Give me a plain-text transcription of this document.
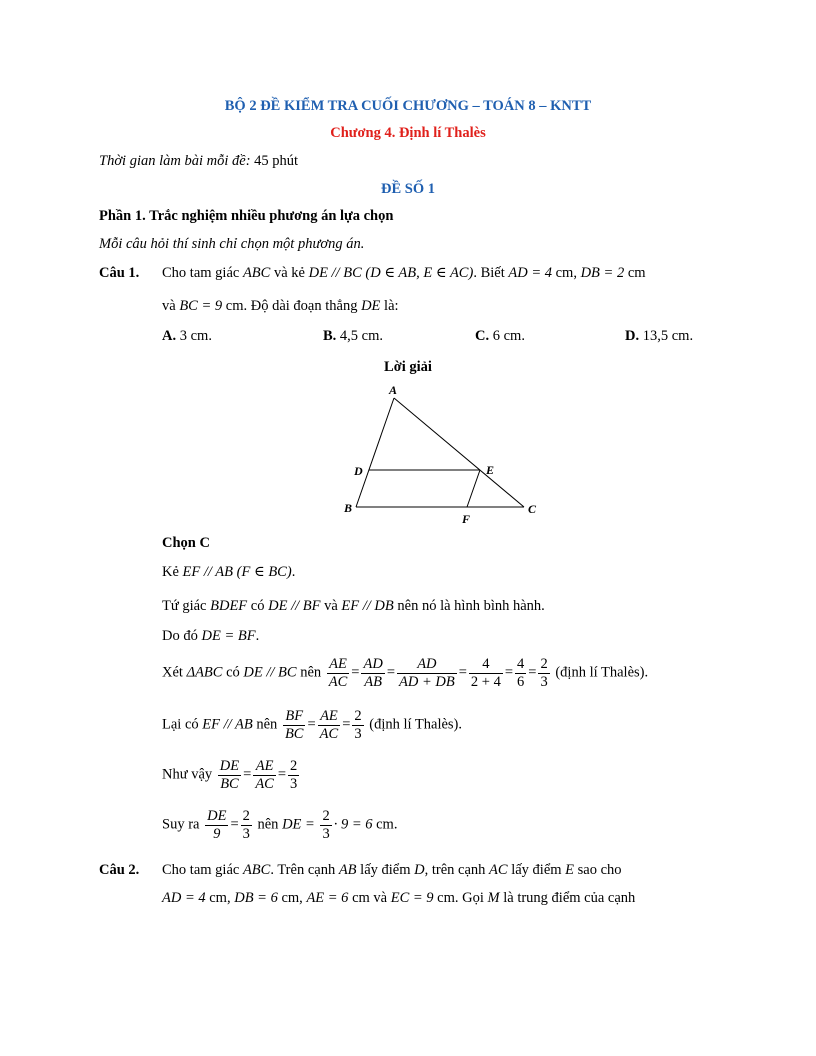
BỘ 2 ĐỀ KIỂM TRA CUỐI CHƯƠNG – TOÁN 8 – KNTT
Chương 4. Định lí Thalès
Thời gian làm bài mỗi đề: 45 phút
ĐỀ SỐ 1
Phần 1. Trắc nghiệm nhiều phương án lựa chọn
Mỗi câu hỏi thí sinh chỉ chọn một phương án.
Câu 1. Cho tam giác ABC và kẻ DE // BC (D ∈ AB, E ∈ AC). Biết AD = 4 cm, DB = 2 cm
và BC = 9 cm. Độ dài đoạn thẳng DE là:
A. 3 cm.	B. 4,5 cm.	C. 6 cm.	D. 13,5 cm.
Lời giải
A
B	C
D	E
F
Chọn C
Kẻ EF // AB (F ∈ BC).
Tứ giác BDEF có DE // BF và EF // DB nên nó là hình bình hành.
Do đó DE = BF.
Xét ΔABC có DE // BC nên $\frac{AE}{AC} = \frac{AD}{AB} = \frac{AD}{AD + DB} = \frac{4}{2 + 4} = \frac{4}{6} = \frac{2}{3}$ (định lí Thalès).
Lại có EF // AB nên $\frac{BF}{BC} = \frac{AE}{AC} = \frac{2}{3}$ (định lí Thalès).
Như vậy $\frac{DE}{BC} = \frac{AE}{AC} = \frac{2}{3}$
Suy ra $\frac{DE}{9} = \frac{2}{3}$ nên DE = $\frac{2}{3} \cdot 9 = 6$ cm.
Câu 2. Cho tam giác ABC. Trên cạnh AB lấy điểm D, trên cạnh AC lấy điểm E sao cho
AD = 4 cm, DB = 6 cm, AE = 6 cm và EC = 9 cm. Gọi M là trung điểm của cạnh
